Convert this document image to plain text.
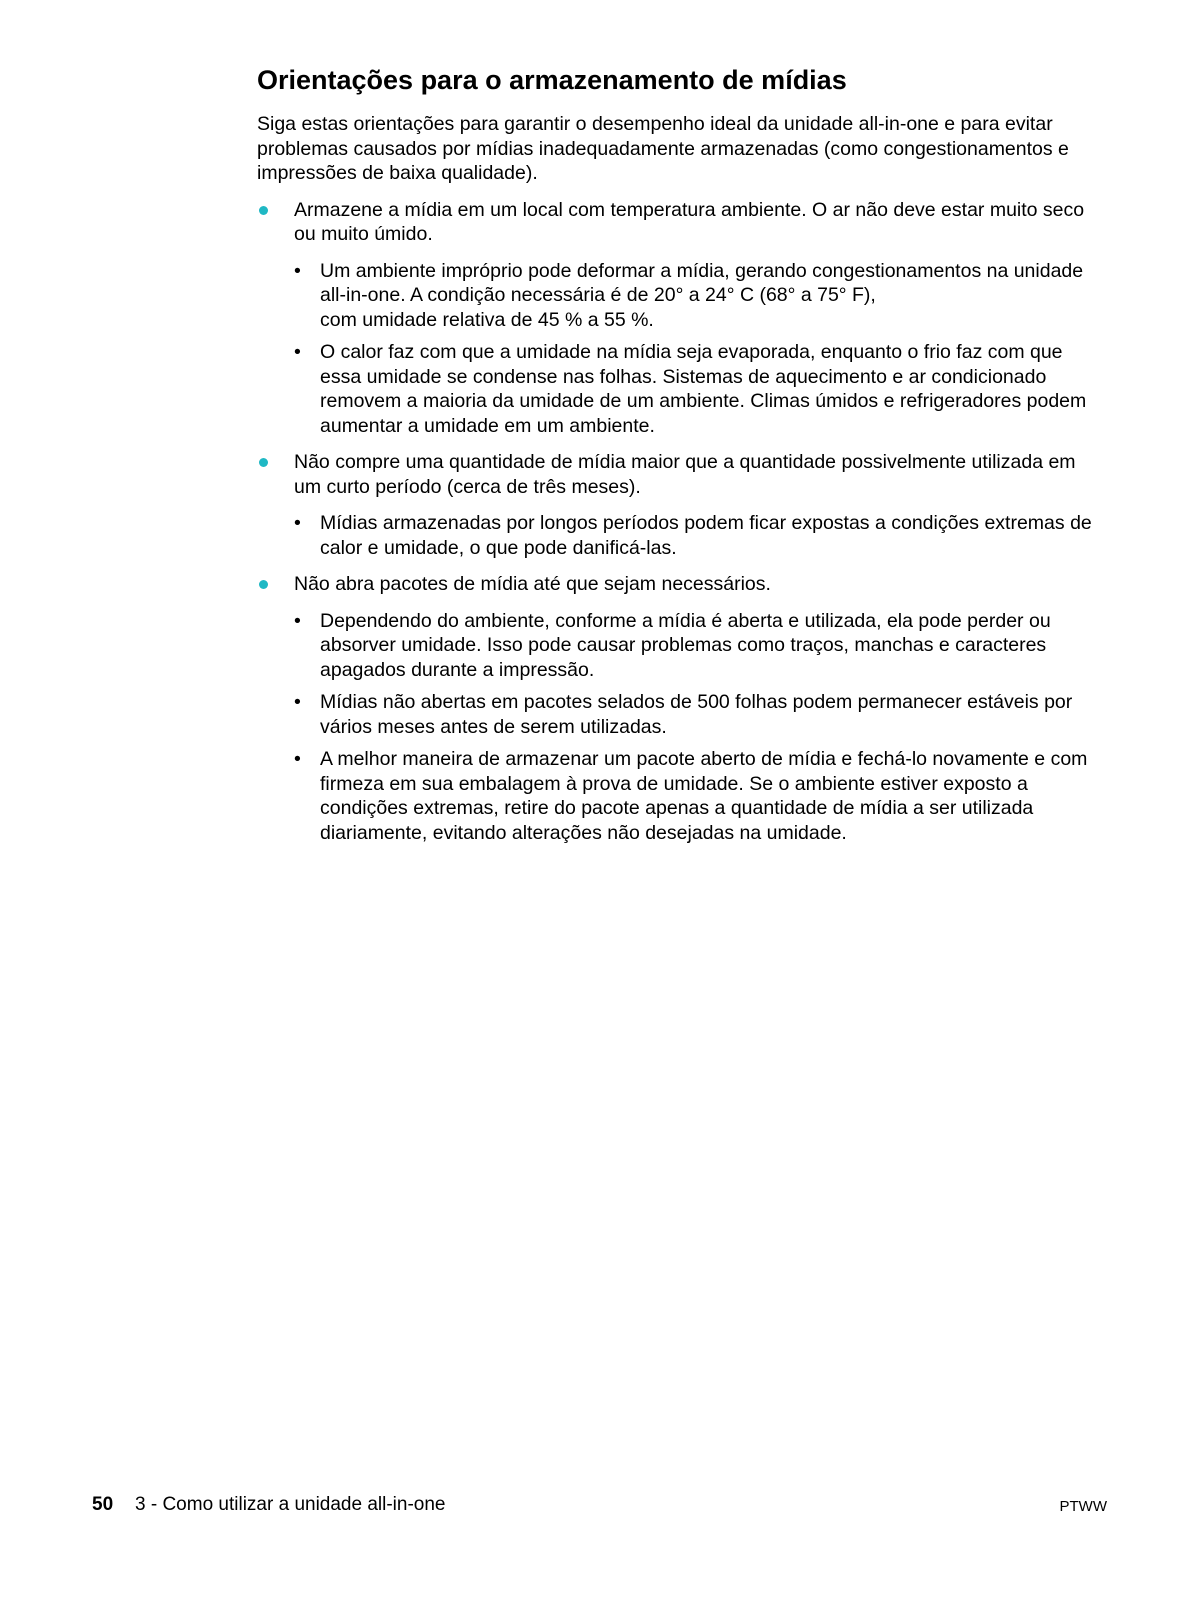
Orientações para o armazenamento de mídias

Siga estas orientações para garantir o desempenho ideal da unidade all-in-one e para evitar problemas causados por mídias inadequadamente armazenadas (como congestionamentos e impressões de baixa qualidade).

Armazene a mídia em um local com temperatura ambiente. O ar não deve estar muito seco ou muito úmido.
• Um ambiente impróprio pode deformar a mídia, gerando congestionamentos na unidade all-in-one. A condição necessária é de 20° a 24° C (68° a 75° F),
com umidade relativa de 45 % a 55 %.
• O calor faz com que a umidade na mídia seja evaporada, enquanto o frio faz com que essa umidade se condense nas folhas. Sistemas de aquecimento e ar condicionado removem a maioria da umidade de um ambiente. Climas úmidos e refrigeradores podem aumentar a umidade em um ambiente.
Não compre uma quantidade de mídia maior que a quantidade possivelmente utilizada em um curto período (cerca de três meses).
• Mídias armazenadas por longos períodos podem ficar expostas a condições extremas de calor e umidade, o que pode danificá-las.
Não abra pacotes de mídia até que sejam necessários.
• Dependendo do ambiente, conforme a mídia é aberta e utilizada, ela pode perder ou absorver umidade. Isso pode causar problemas como traços, manchas e caracteres apagados durante a impressão.
• Mídias não abertas em pacotes selados de 500 folhas podem permanecer estáveis por vários meses antes de serem utilizadas.
• A melhor maneira de armazenar um pacote aberto de mídia e fechá-lo novamente e com firmeza em sua embalagem à prova de umidade. Se o ambiente estiver exposto a condições extremas, retire do pacote apenas a quantidade de mídia a ser utilizada diariamente, evitando alterações não desejadas na umidade.
50 3 - Como utilizar a unidade all-in-one	PTWW
